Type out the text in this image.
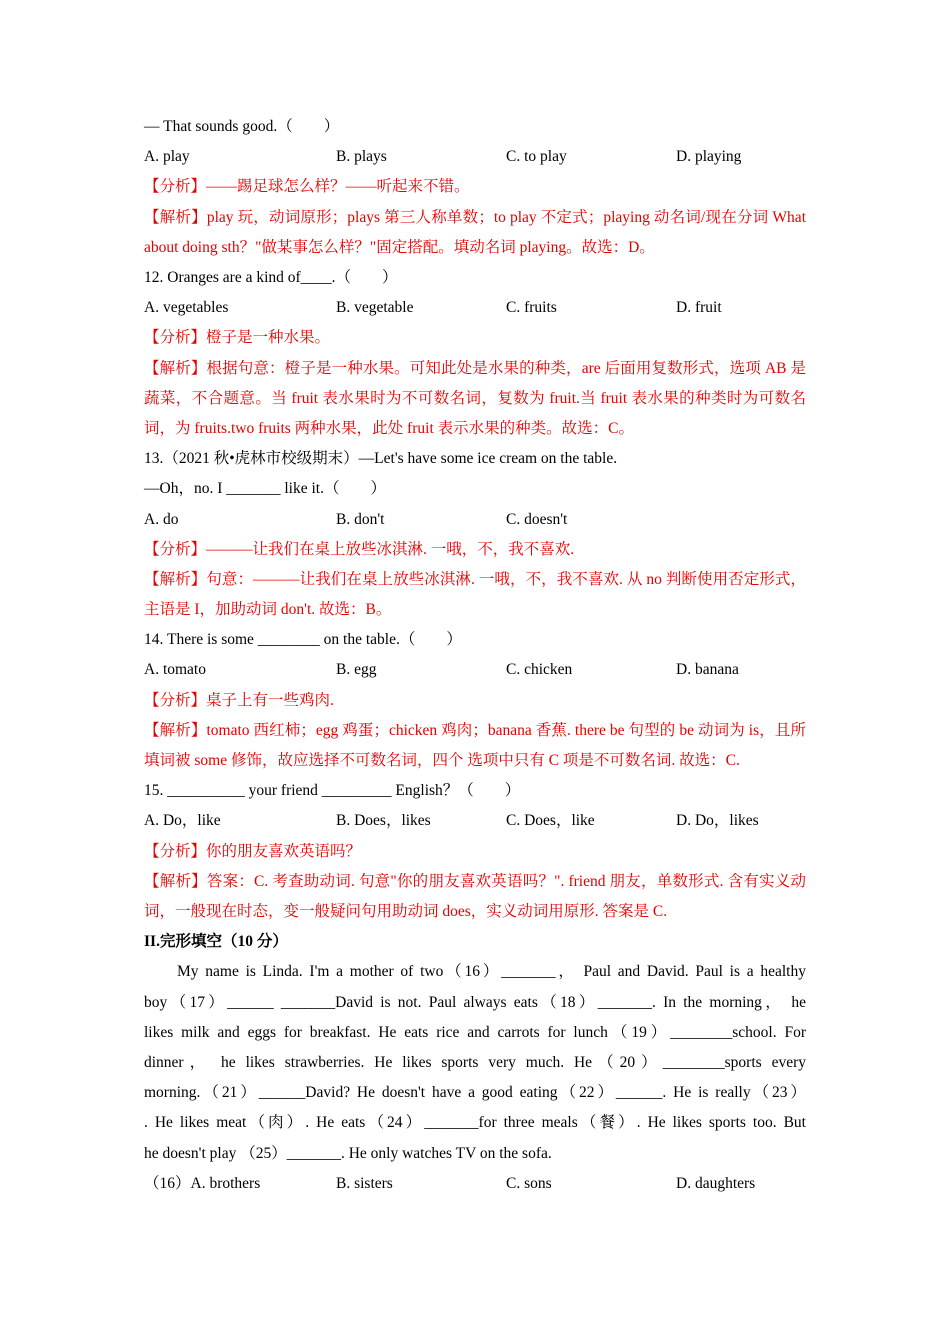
— That sounds good.（　　）
A. play	B. plays	C. to play	D. playing
【分析】——踢足球怎么样？——听起来不错。
【解析】play 玩，动词原形；plays 第三人称单数；to play 不定式；playing 动名词/现在分词 What about doing sth？"做某事怎么样？"固定搭配。填动名词 playing。故选：D。
12. Oranges are a kind of____.（　　）
A. vegetables	B. vegetable	C. fruits	D. fruit
【分析】橙子是一种水果。
【解析】根据句意：橙子是一种水果。可知此处是水果的种类，are 后面用复数形式，选项 AB 是蔬菜，不合题意。当 fruit 表水果时为不可数名词，复数为 fruit.当 fruit 表水果的种类时为可数名词，为 fruits.two fruits 两种水果，此处 fruit 表示水果的种类。故选：C。
13.（2021 秋•虎林市校级期末）—Let's have some ice cream on the table.
—Oh，no. I _______ like it.（　　）
A. do	B. don't	C. doesn't
【分析】———让我们在桌上放些冰淇淋. 一哦，不，我不喜欢.
【解析】句意：———让我们在桌上放些冰淇淋. 一哦，不，我不喜欢. 从 no 判断使用否定形式，主语是 I，加助动词 don't. 故选：B。
14. There is some ________ on the table.（　　）
A. tomato	B. egg	C. chicken	D. banana
【分析】桌子上有一些鸡肉.
【解析】tomato 西红柿；egg 鸡蛋；chicken 鸡肉；banana 香蕉. there be 句型的 be 动词为 is，且所填词被 some 修饰，故应选择不可数名词，四个 选项中只有 C 项是不可数名词. 故选：C.
15. __________ your friend _________ English？（　　）
A. Do，like	B. Does，likes	C. Does，like	D. Do，likes
【分析】你的朋友喜欢英语吗？
【解析】答案：C. 考查助动词. 句意"你的朋友喜欢英语吗？". friend 朋友，单数形式. 含有实义动词，一般现在时态，变一般疑问句用助动词 does，实义动词用原形. 答案是 C.
II.完形填空（10 分）
My name is Linda. I'm a mother of two（16）_______， Paul and David. Paul is a healthy
boy（17）______ _______David is not. Paul always eats（18）_______. In the morning， he
likes milk and eggs for breakfast. He eats rice and carrots for lunch（19）________school. For
dinner， he likes strawberries. He likes sports very much. He（20）________sports every
morning.（21）______David? He doesn't have a good eating（22）______. He is really（23）
. He likes meat（肉）. He eats（24）_______for three meals（餐）. He likes sports too. But
he doesn't play （25）_______. He only watches TV on the sofa.
（16）A. brothers	B. sisters	C. sons	D. daughters
